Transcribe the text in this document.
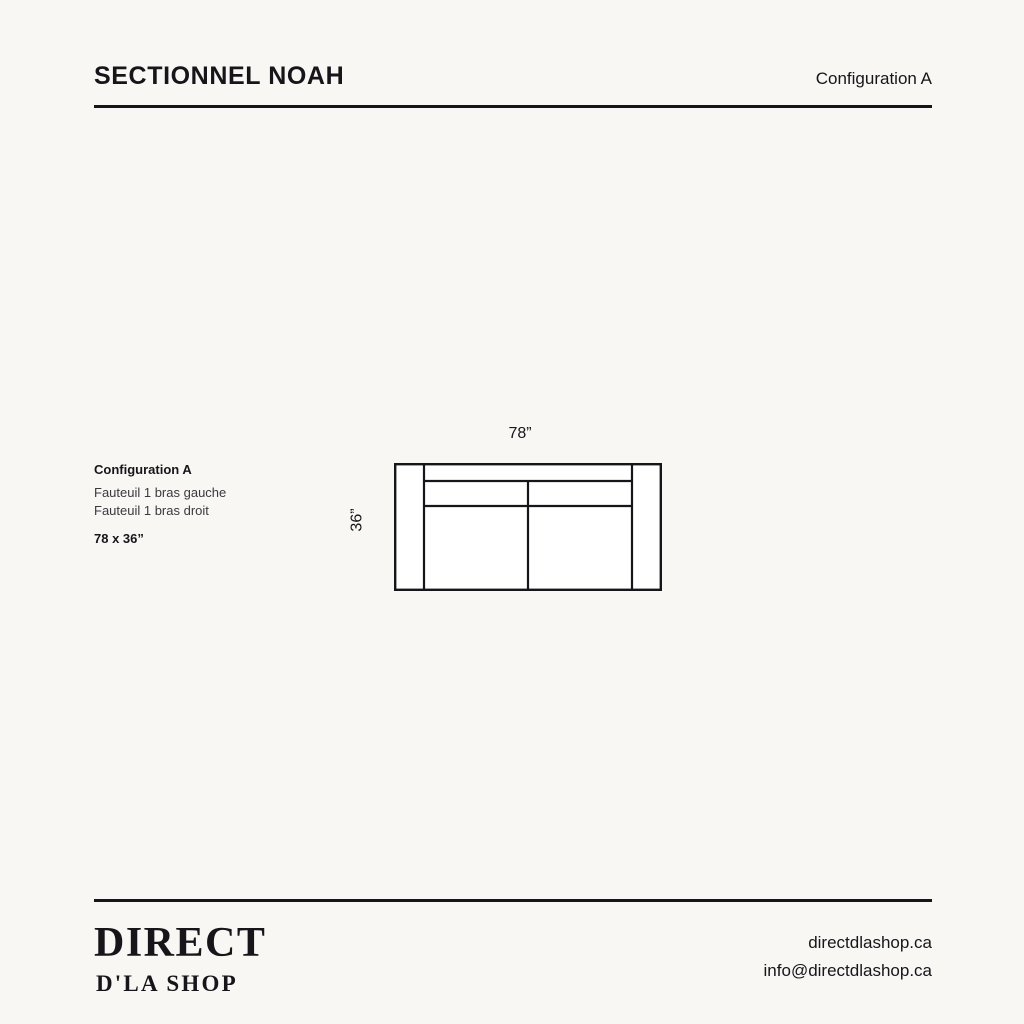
SECTIONNEL NOAH	Configuration A
Configuration A
Fauteuil 1 bras gauche
Fauteuil 1 bras droit
78 x 36”
78”
36”
DIRECT
D'LA SHOP
directdlashop.ca
info@directdlashop.ca
